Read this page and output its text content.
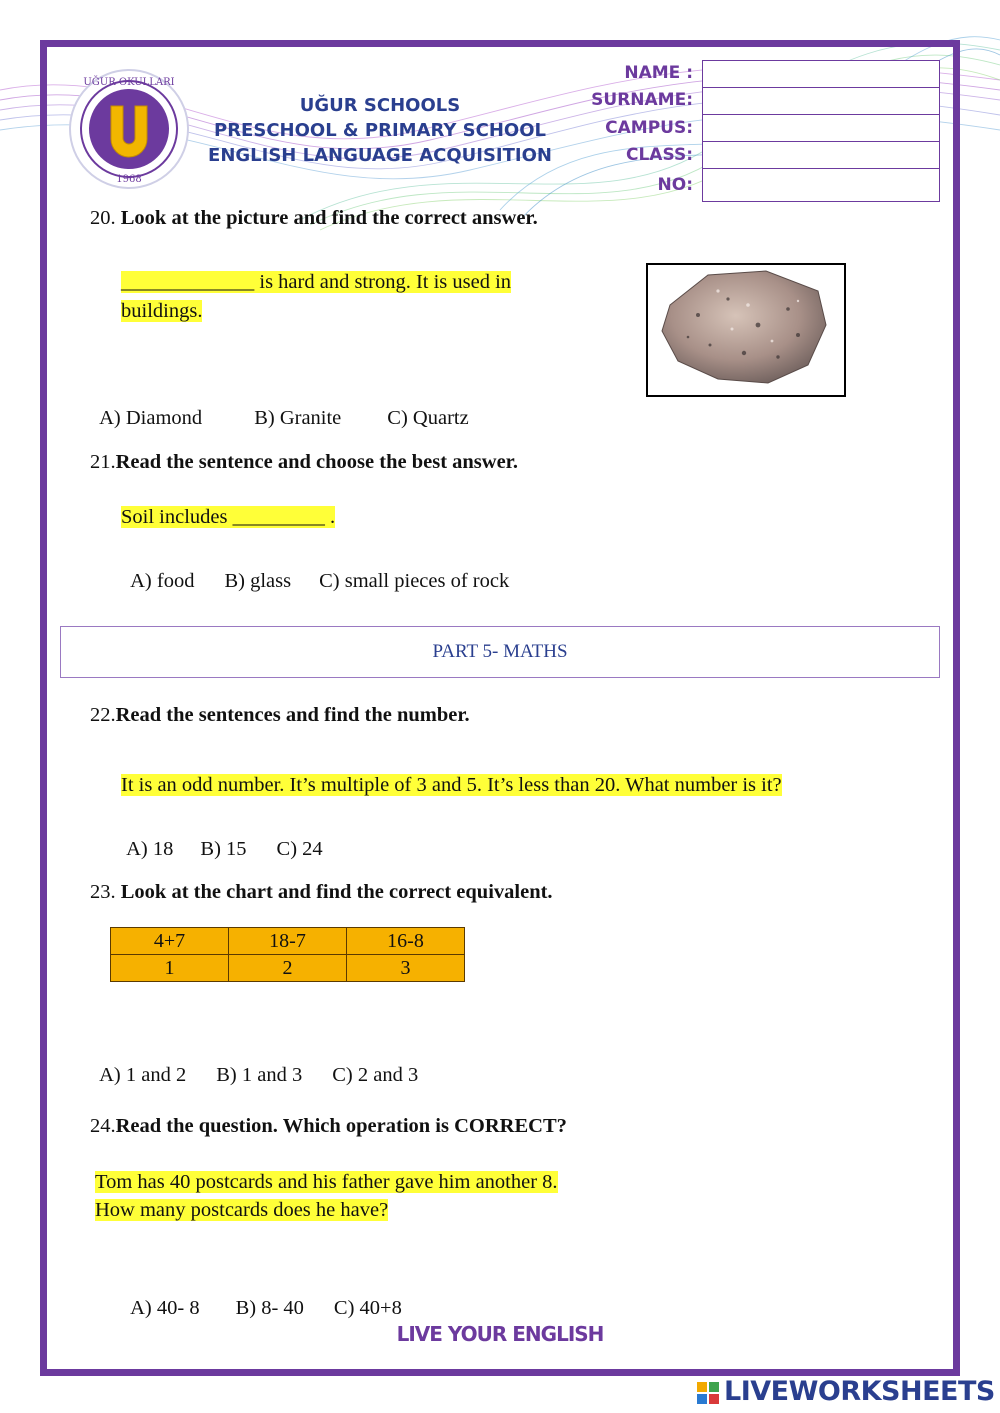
UĞUR OKULLARI
1968
UĞUR SCHOOLS
PRESCHOOL & PRIMARY SCHOOL
ENGLISH LANGUAGE ACQUISITION
NAME :
SURNAME:
CAMPUS:
CLASS:
NO:
20. Look at the picture and find the correct answer.
_____________ is hard and strong. It is used in
buildings.

A) Diamond	B) Granite C) Quartz

21.Read the sentence and choose the best answer.
Soil includes _________ .

A) food B) glass C) small pieces of rock

PART 5- MATHS
22.Read the sentences and find the number.
It is an odd number. It’s multiple of 3 and 5. It’s less than 20. What number is it?

A) 18 B) 15 C) 24

23. Look at the chart and find the correct equivalent.
4+7	18-7	16-8
1	2	3

A) 1 and 2 B) 1 and 3 C) 2 and 3

24.Read the question. Which operation is CORRECT?
Tom has 40 postcards and his father gave him another 8.
How many postcards does he have?

A) 40- 8 B) 8- 40 C) 40+8

LIVE YOUR ENGLISH
LIVEWORKSHEETS
